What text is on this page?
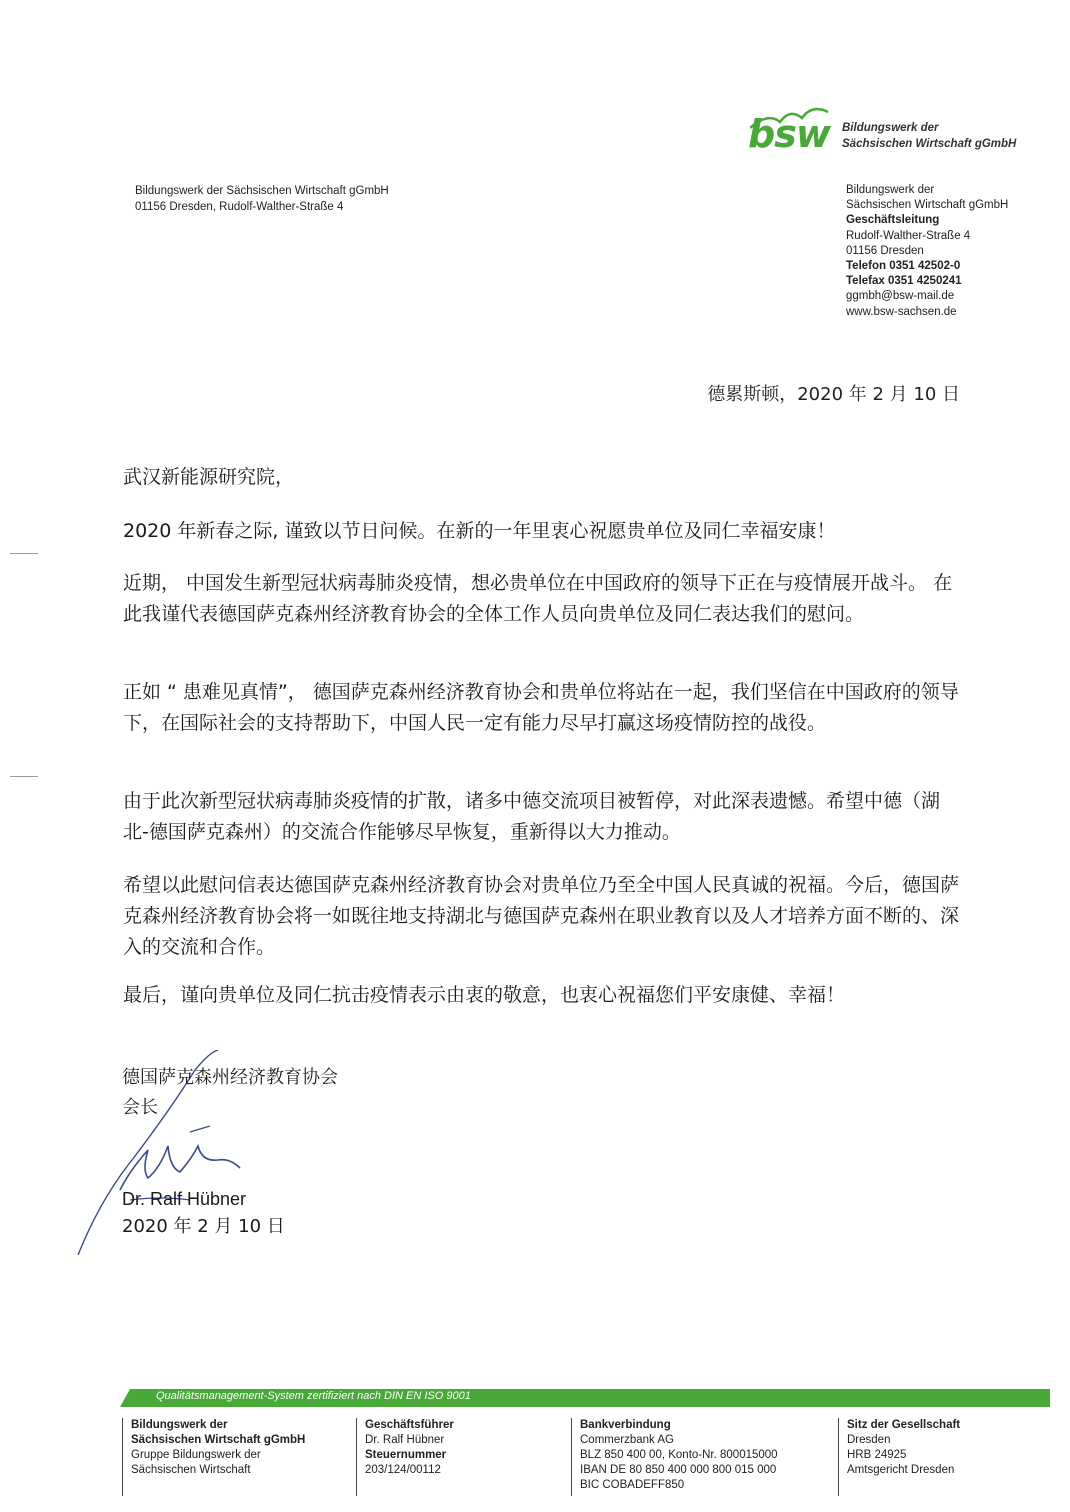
bsw Bildungswerk der
Sächsischen Wirtschaft gGmbH
Bildungswerk der Sächsischen Wirtschaft gGmbH
01156 Dresden, Rudolf-Walther-Straße 4
Bildungswerk der
Sächsischen Wirtschaft gGmbH
Geschäftsleitung
Rudolf-Walther-Straße 4
01156 Dresden
Telefon 0351 42502-0
Telefax 0351 4250241
ggmbh@bsw-mail.de
www.bsw-sachsen.de
德累斯顿，2020 年 2 月 10 日
武汉新能源研究院，

2020 年新春之际, 谨致以节日问候。在新的一年里衷心祝愿贵单位及同仁幸福安康！

近期， 中国发生新型冠状病毒肺炎疫情，想必贵单位在中国政府的领导下正在与疫情展开战斗。 在此我谨代表德国萨克森州经济教育协会的全体工作人员向贵单位及同仁表达我们的慰问。

正如 “ 患难见真情”， 德国萨克森州经济教育协会和贵单位将站在一起，我们坚信在中国政府的领导下，在国际社会的支持帮助下，中国人民一定有能力尽早打赢这场疫情防控的战役。

由于此次新型冠状病毒肺炎疫情的扩散，诸多中德交流项目被暂停，对此深表遗憾。希望中德（湖北-德国萨克森州）的交流合作能够尽早恢复，重新得以大力推动。

希望以此慰问信表达德国萨克森州经济教育协会对贵单位乃至全中国人民真诚的祝福。今后，德国萨克森州经济教育协会将一如既往地支持湖北与德国萨克森州在职业教育以及人才培养方面不断的、深入的交流和合作。

最后，谨向贵单位及同仁抗击疫情表示由衷的敬意，也衷心祝福您们平安康健、幸福！

德国萨克森州经济教育协会
会长
Dr. Ralf Hübner
2020 年 2 月 10 日
Qualitätsmanagement-System zertifiziert nach DIN EN ISO 9001
Bildungswerk der
Sächsischen Wirtschaft gGmbH
Gruppe Bildungswerk der
Sächsischen Wirtschaft
Geschäftsführer
Dr. Ralf Hübner
Steuernummer
203/124/00112
Bankverbindung
Commerzbank AG
BLZ 850 400 00, Konto-Nr. 800015000
IBAN DE 80 850 400 000 800 015 000
BIC COBADEFF850
Sitz der Gesellschaft
Dresden
HRB 24925
Amtsgericht Dresden
